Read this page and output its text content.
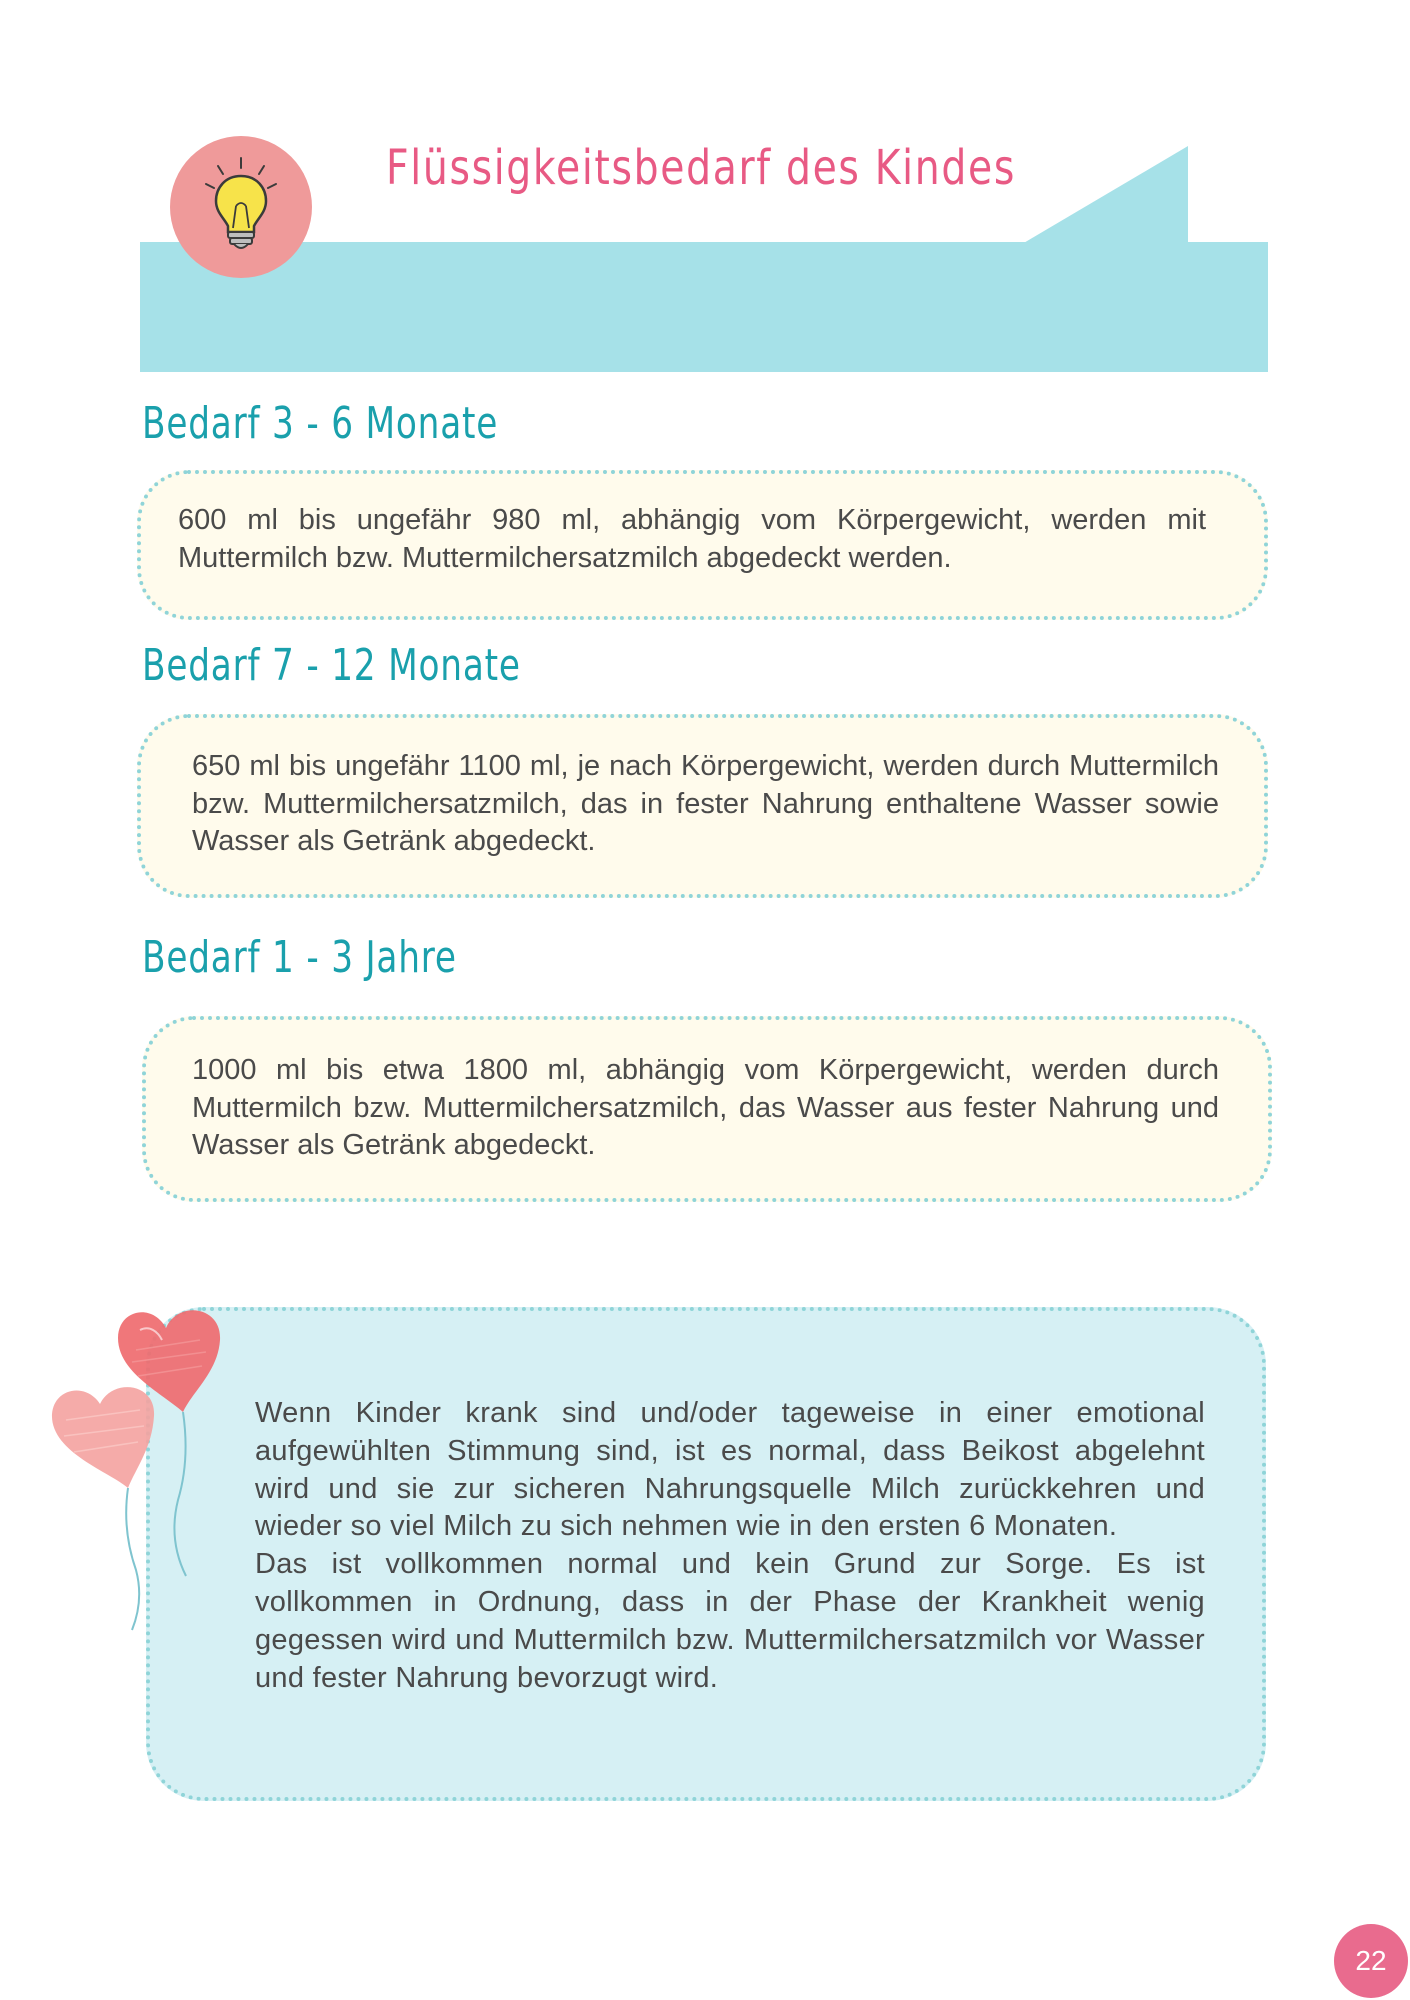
Flüssigkeitsbedarf des Kindes
Bedarf 3 - 6 Monate

600 ml bis ungefähr 980 ml, abhängig vom Körpergewicht, werden mit Muttermilch bzw. Muttermilchersatzmilch abgedeckt werden.

Bedarf 7 - 12 Monate

650 ml bis ungefähr 1100 ml, je nach Körpergewicht, werden durch Muttermilch bzw. Muttermilchersatzmilch, das in fester Nahrung enthaltene Wasser sowie Wasser als Getränk abgedeckt.

Bedarf 1 - 3 Jahre

1000 ml bis etwa 1800 ml, abhängig vom Körpergewicht, werden durch Muttermilch bzw. Muttermilchersatzmilch, das Wasser aus fester Nahrung und Wasser als Getränk abgedeckt.

Wenn Kinder krank sind und/oder tageweise in einer emotional aufgewühlten Stimmung sind, ist es normal, dass Beikost abgelehnt wird und sie zur sicheren Nahrungsquelle Milch zurückkehren und wieder so viel Milch zu sich nehmen wie in den ersten 6 Monaten.
Das ist vollkommen normal und kein Grund zur Sorge. Es ist vollkommen in Ordnung, dass in der Phase der Krankheit wenig gegessen wird und Muttermilch bzw. Muttermilchersatzmilch vor Wasser und fester Nahrung bevorzugt wird.

22
